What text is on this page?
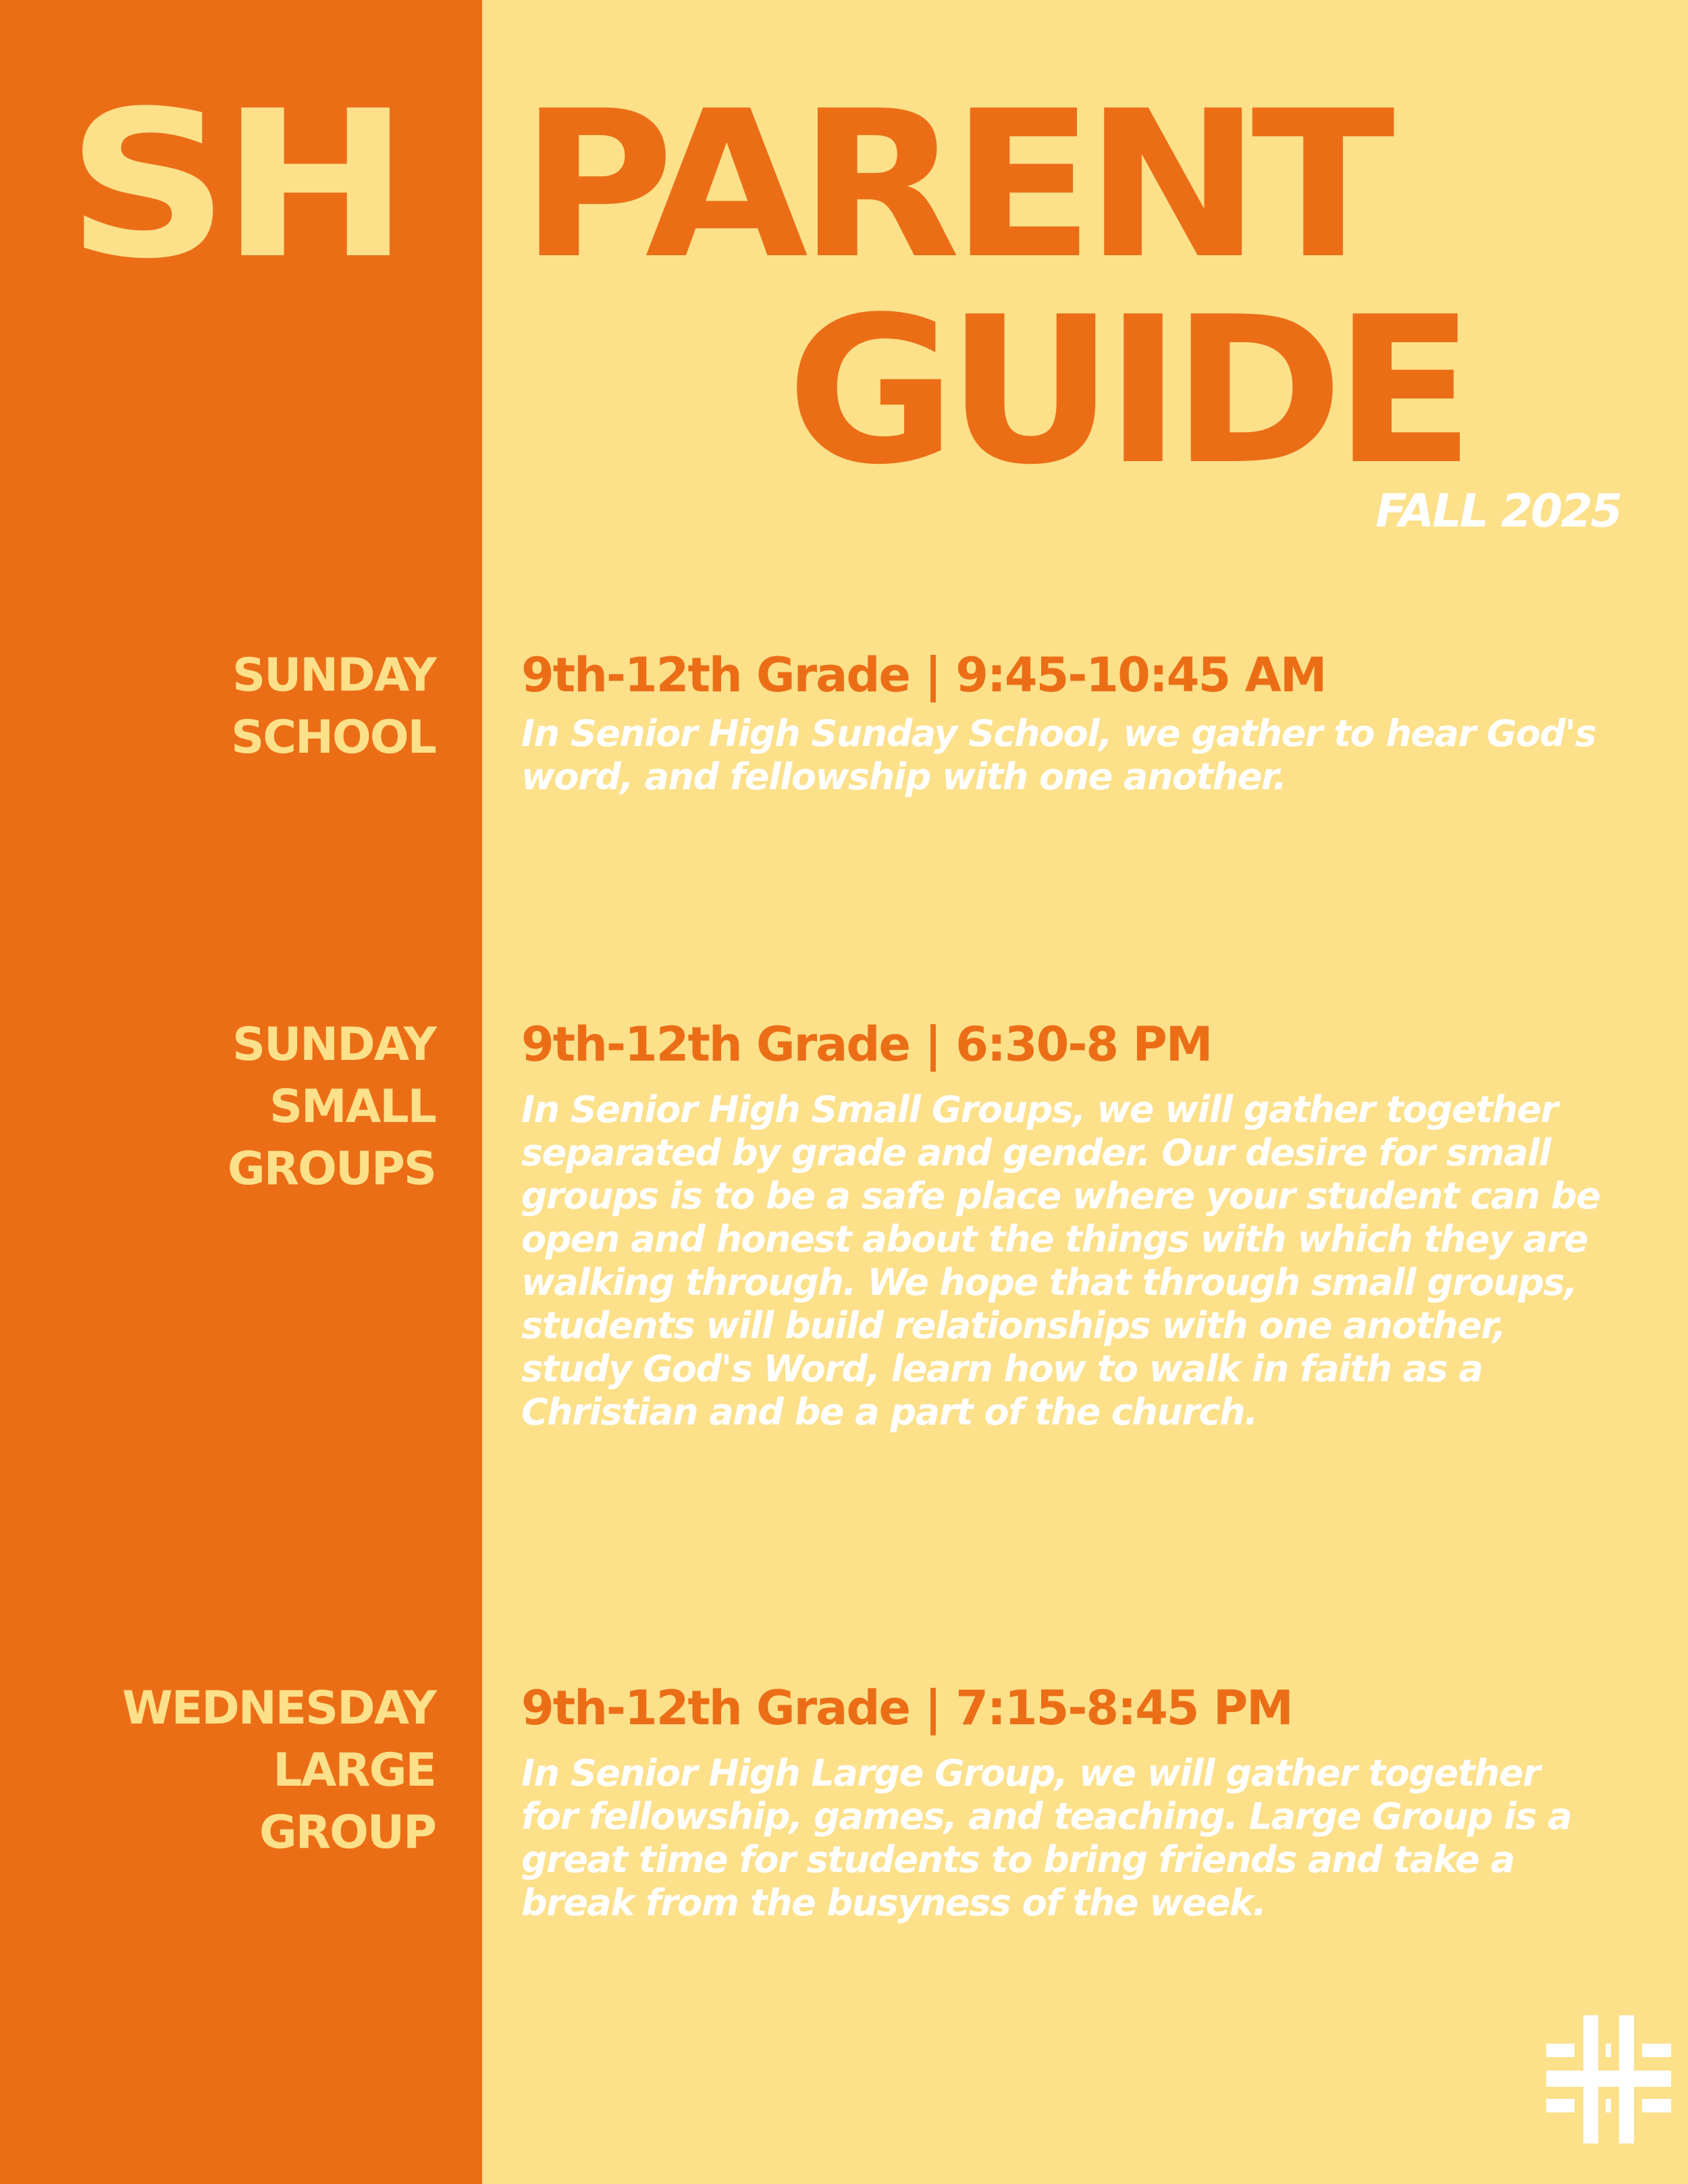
SH PARENT
GUIDE
FALL 2025
SUNDAY
SCHOOL
9th-12th Grade | 9:45-10:45 AM
In Senior High Sunday School, we gather to hear God's word, and fellowship with one another.
SUNDAY
SMALL
GROUPS
9th-12th Grade | 6:30-8 PM
In Senior High Small Groups, we will gather together separated by grade and gender. Our desire for small groups is to be a safe place where your student can be open and honest about the things with which they are walking through. We hope that through small groups, students will build relationships with one another, study God's Word, learn how to walk in faith as a Christian and be a part of the church.
WEDNESDAY
LARGE
GROUP
9th-12th Grade | 7:15-8:45 PM
In Senior High Large Group, we will gather together for fellowship, games, and teaching. Large Group is a great time for students to bring friends and take a break from the busyness of the week.
